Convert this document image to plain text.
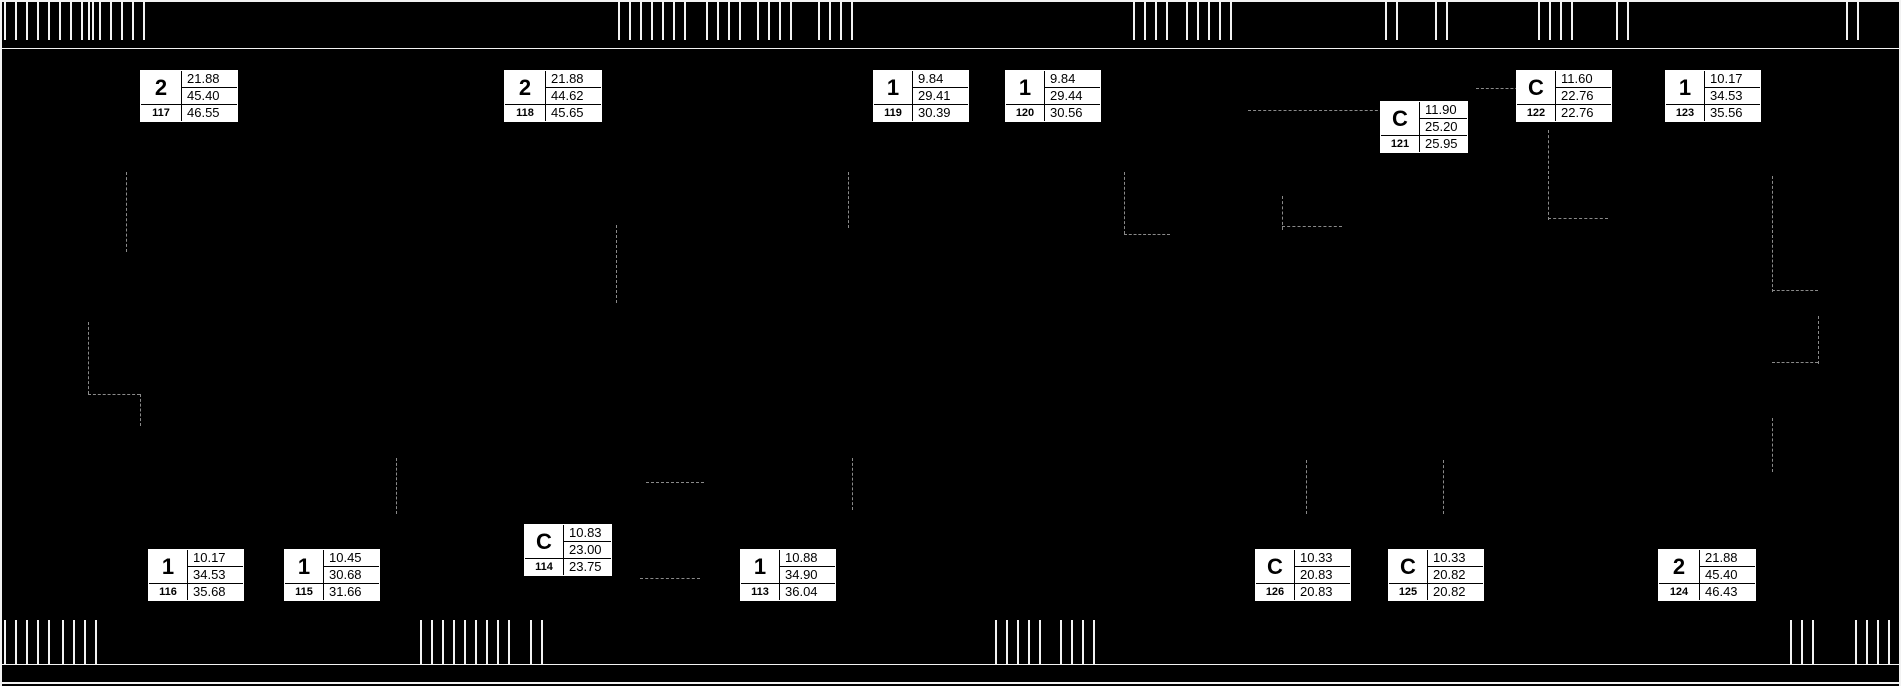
2	21.88
45.40
117	46.55
2	21.88
44.62
118	45.65
1	9.84
29.41
119	30.39
1	9.84
29.44
120	30.56	C	11.90
25.20
121	25.95
C	11.60
22.76
122	22.76
1	10.17
34.53
123	35.56
1	10.17
34.53
116	35.68
1	10.45
30.68
115	31.66
C	10.83
23.00
114	23.75	1	10.88
34.90
113	36.04
C	10.33
20.83
126	20.83
C	10.33
20.82
125	20.82
2	21.88
45.40
124	46.43
